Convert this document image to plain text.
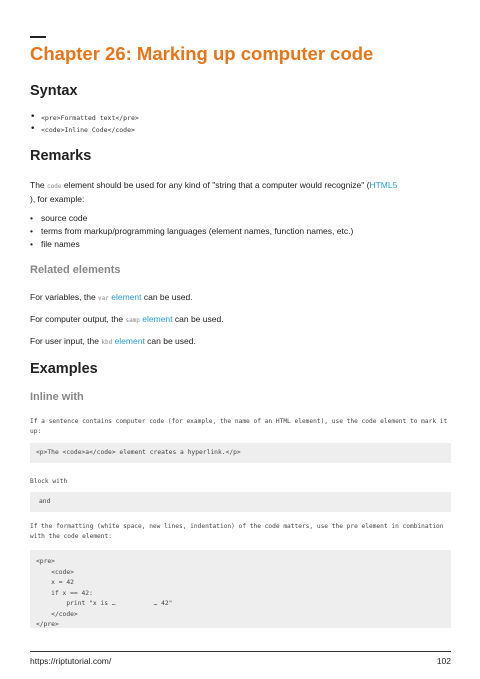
Chapter 26: Marking up computer code
Syntax
• <pre>Formatted text</pre>
• <code>Inline Code</code>
Remarks
The code element should be used for any kind of "string that a computer would recognize" (HTML5
), for example:
• source code
• terms from markup/programming languages (element names, function names, etc.)
• file names
Related elements
For variables, the var element can be used.
For computer output, the samp element can be used.
For user input, the kbd element can be used.
Examples
Inline with
If a sentence contains computer code (for example, the name of an HTML element), use the code element to mark it up:
<p>The <code>a</code> element creates a hyperlink.</p>
Block with
and
If the formatting (white space, new lines, indentation) of the code matters, use the pre element in combination with the code element:
<pre>
<code>
x = 42
if x == 42:
print "x is …          … 42"
</code>
</pre>
https://riptutorial.com/	102
